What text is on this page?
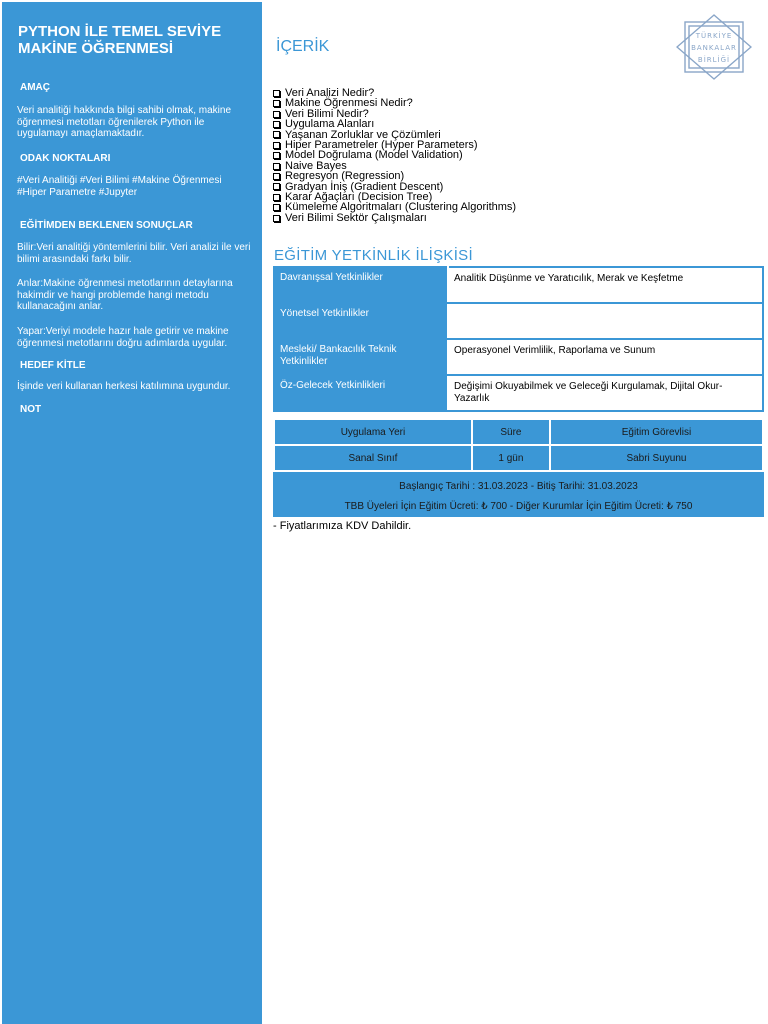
PYTHON İLE TEMEL SEVİYE MAKİNE ÖĞRENMESİ
AMAÇ
Veri analitiği hakkında bilgi sahibi olmak, makine öğrenmesi metotları öğrenilerek Python ile uygulamayı amaçlamaktadır.
ODAK NOKTALARI
#Veri Analitiği #Veri Bilimi #Makine Öğrenmesi #Hiper Parametre #Jupyter
EĞİTİMDEN BEKLENEN SONUÇLAR
Bilir:Veri analitiği yöntemlerini bilir. Veri analizi ile veri bilimi arasındaki farkı bilir.
Anlar:Makine öğrenmesi metotlarının detaylarına hakimdir ve hangi problemde hangi metodu kullanacağını anlar.
Yapar:Veriyi modele hazır hale getirir ve makine öğrenmesi metotlarını doğru adımlarda uygular.
HEDEF KİTLE
İşinde veri kullanan herkesi katılımına uygundur.
NOT
İÇERİK
TÜRKİYE
BANKALAR
BİRLİĞİ
Veri Analizi Nedir?
Makine Öğrenmesi Nedir?
Veri Bilimi Nedir?
Uygulama Alanları
Yaşanan Zorluklar ve Çözümleri
Hiper Parametreler (Hyper Parameters)
Model Doğrulama (Model Validation)
Naive Bayes
Regresyon (Regression)
Gradyan İniş (Gradient Descent)
Karar Ağaçları (Decision Tree)
Kümeleme Algoritmaları (Clustering Algorithms)
Veri Bilimi Sektör Çalışmaları
EĞİTİM YETKİNLİK İLİŞKİSİ
Davranışsal Yetkinlikler	Analitik Düşünme ve Yaratıcılık, Merak ve Keşfetme
Yönetsel Yetkinlikler	
Mesleki/ Bankacılık Teknik Yetkinlikler	Operasyonel Verimlilik, Raporlama ve Sunum
Öz-Gelecek Yetkinlikleri	Değişimi Okuyabilmek ve Geleceği Kurgulamak, Dijital Okur-Yazarlık
Uygulama Yeri	Süre	Eğitim Görevlisi
Sanal Sınıf	1 gün	Sabri Suyunu
Başlangıç Tarihi : 31.03.2023 - Bitiş Tarihi: 31.03.2023
TBB Üyeleri İçin Eğitim Ücreti: ₺ 700 - Diğer Kurumlar İçin Eğitim Ücreti: ₺ 750
- Fiyatlarımıza KDV Dahildir.
